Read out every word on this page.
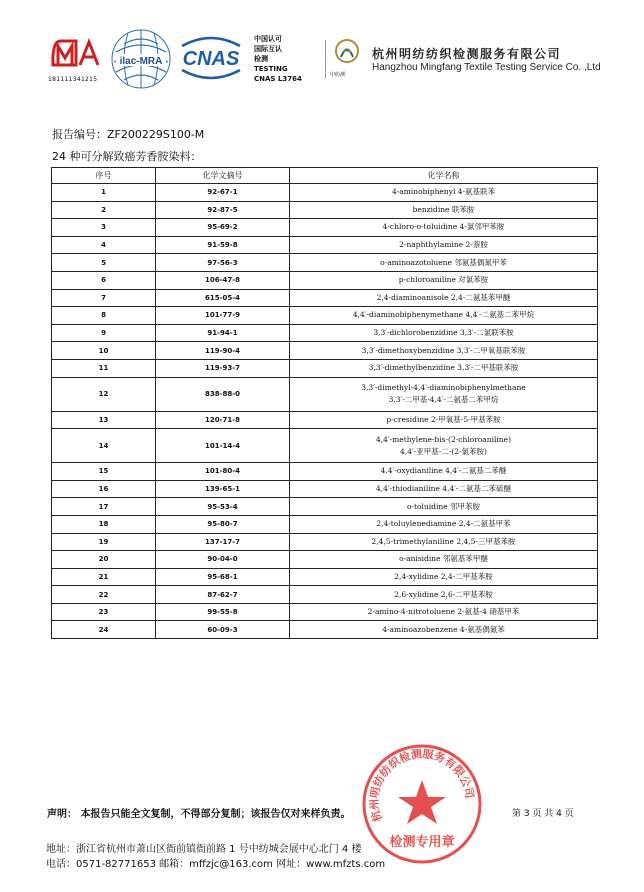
181111341215
ilac-MRA CNAS
中国认可
国际互认
检测
TESTING
CNAS L3764	中纺测
杭州明纺纺织检测服务有限公司
Hangzhou Mingfang Textile Testing Service Co. ,Ltd
报告编号：ZF200229S100-M
24 种可分解致癌芳香胺染料：
序号	化学文摘号	化学名称
1	92-67-1	4-aminobiphenyl 4-氨基联苯

2	92-87-5	benzidine 联苯胺

3	95-69-2	4-chloro-o-toluidine 4-氯邻甲苯胺

4	91-59-8	2-naphthylamine 2-萘胺

5	97-56-3	o-aminoazotoluene 邻氨基偶氮甲苯

6	106-47-8	p-chloroaniline 对氯苯胺

7	615-05-4	2,4-diaminoanisole 2,4-二氨基苯甲醚

8	101-77-9	4,4′-diaminobiphenymethane 4,4′-二氨基二苯甲烷

9	91-94-1	3,3′-dichlorobenzidine 3,3′-二氯联苯胺

10	119-90-4	3,3′-dimethoxybenzidine 3,3′-二甲氧基联苯胺

11	119-93-7	3,3′-dimethylbenzidine 3,3′-二甲基联苯胺

12	838-88-0	3,3′-dimethyl-4,4′-diaminobiphenylmethane
3,3′-二甲基-4,4′-二氨基二苯甲烷

13	120-71-8	p-cresidine 2-甲氧基-5-甲基苯胺

14	101-14-4	4,4′-methylene-bis-(2-chloroaniline)
4,4′-亚甲基-二-(2-氯苯胺)

15	101-80-4	4,4′-oxydianiline 4,4′-二氨基二苯醚

16	139-65-1	4,4′-thiodianiline 4,4′-二氨基二苯硫醚

17	95-53-4	o-toluidine 邻甲苯胺

18	95-80-7	2,4-toluylenediamine 2,4-二氨基甲苯

19	137-17-7	2,4,5-trimethylaniline 2,4,5-三甲基苯胺

20	90-04-0	o-anisidine 邻氨基苯甲醚

21	95-68-1	2,4-xylidine 2,4-二甲基苯胺

22	87-62-7	2,6-xylidine 2,6-二甲基苯胺

23	99-55-8	2-amino-4-nitrotoluene 2-氨基-4 硝基甲苯

24	60-09-3	4-aminoazobenzene 4-氨基偶氮苯
声明： 本报告只能全文复制，不得部分复制；该报告仅对来样负责。	第 3 页 共 4 页
地址：浙江省杭州市萧山区衙前镇衙前路 1 号中纺城会展中心北门 4 楼
电话：0571-82771653 邮箱：mffzjc@163.com 网址：www.mfzts.com
杭州明纺纺织检测服务有限公司
检测专用章
